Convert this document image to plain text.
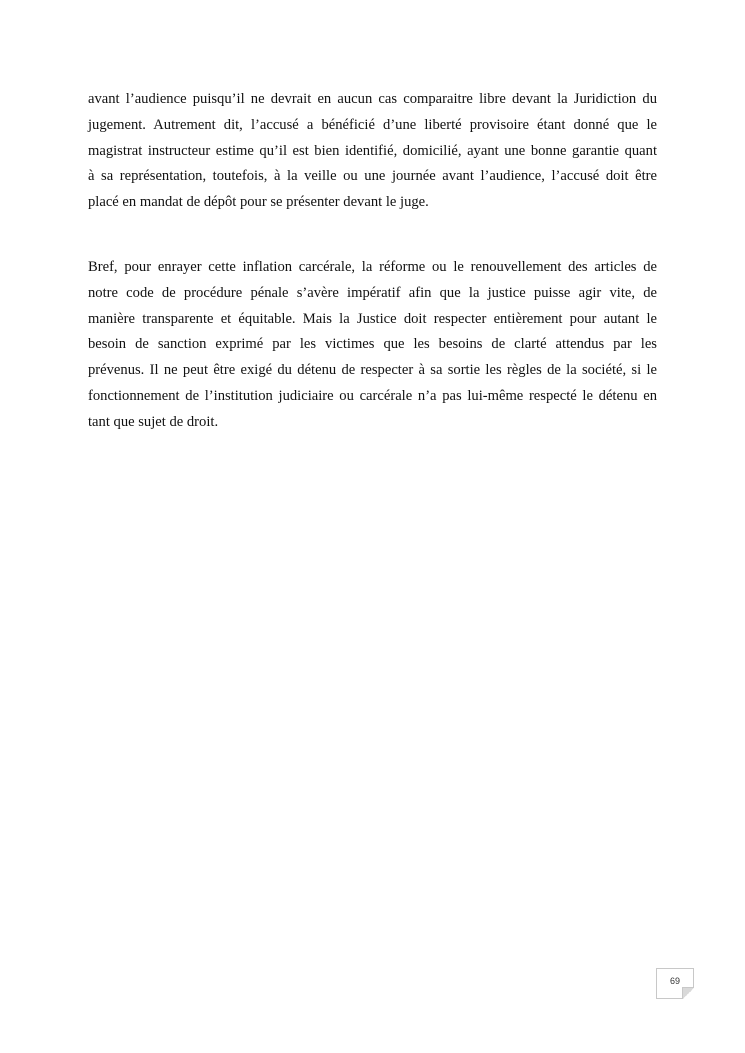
avant l’audience puisqu’il ne devrait en aucun cas comparaitre libre devant la Juridiction du
jugement. Autrement dit, l’accusé a bénéficié d’une liberté provisoire étant donné que le
magistrat instructeur estime qu’il est bien identifié, domicilié, ayant une bonne garantie quant
à sa représentation, toutefois, à la veille ou une journée avant l’audience, l’accusé doit être
placé en mandat de dépôt pour se présenter devant le juge.
Bref, pour enrayer cette inflation carcérale, la réforme ou le renouvellement des articles de
notre code de procédure pénale s’avère impératif afin que la justice puisse agir vite, de
manière transparente et équitable. Mais la Justice doit respecter entièrement pour autant le
besoin de sanction exprimé par les victimes que les besoins de clarté attendus par les
prévenus. Il ne peut être exigé du détenu de respecter à sa sortie les règles de la société, si le
fonctionnement de l’institution judiciaire ou carcérale n’a pas lui-même respecté le détenu en
tant que sujet de droit.
69
